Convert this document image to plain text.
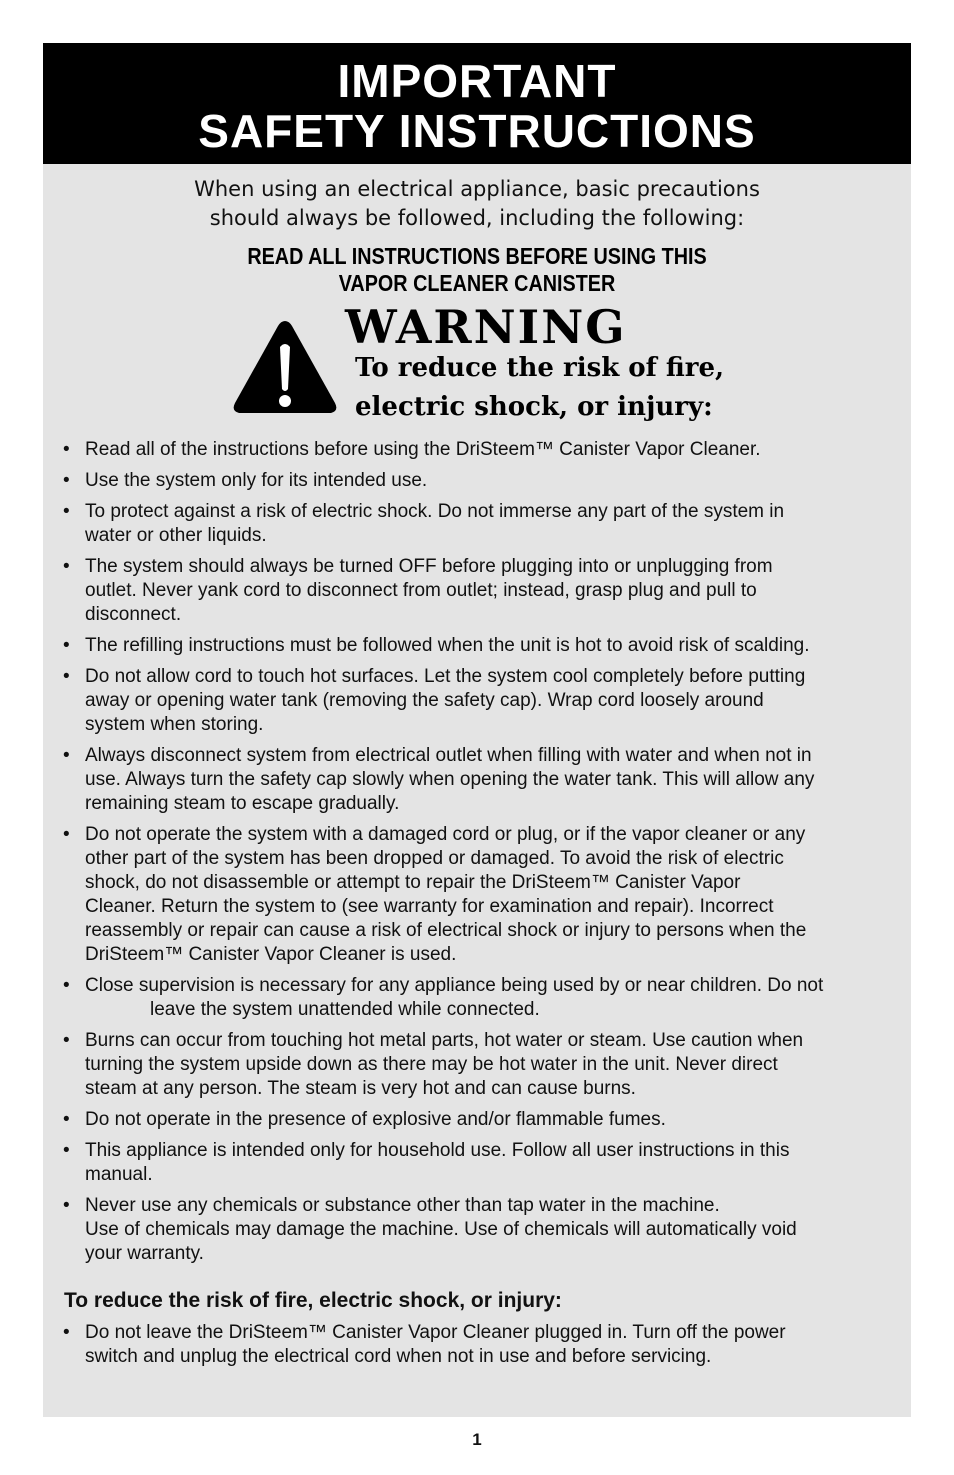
IMPORTANT
SAFETY INSTRUCTIONS
When using an electrical appliance, basic precautions
should always be followed, including the following:
READ ALL INSTRUCTIONS BEFORE USING THIS
VAPOR CLEANER CANISTER
WARNING
To reduce the risk of fire,
electric shock, or injury:
• Read all of the instructions before using the DriSteem™ Canister Vapor Cleaner.
• Use the system only for its intended use.
• To protect against a risk of electric shock. Do not immerse any part of the system in
water or other liquids.
• The system should always be turned OFF before plugging into or unplugging from
outlet. Never yank cord to disconnect from outlet; instead, grasp plug and pull to
disconnect.
• The refilling instructions must be followed when the unit is hot to avoid risk of scalding.
• Do not allow cord to touch hot surfaces. Let the system cool completely before putting
away or opening water tank (removing the safety cap). Wrap cord loosely around
system when storing.
• Always disconnect system from electrical outlet when filling with water and when not in
use. Always turn the safety cap slowly when opening the water tank. This will allow any
remaining steam to escape gradually.
• Do not operate the system with a damaged cord or plug, or if the vapor cleaner or any
other part of the system has been dropped or damaged. To avoid the risk of electric
shock, do not disassemble or attempt to repair the DriSteem™ Canister Vapor
Cleaner. Return the system to (see warranty for examination and repair). Incorrect
reassembly or repair can cause a risk of electrical shock or injury to persons when the
DriSteem™ Canister Vapor Cleaner is used.
• Close supervision is necessary for any appliance being used by or near children. Do not
leave the system unattended while connected.
• Burns can occur from touching hot metal parts, hot water or steam. Use caution when
turning the system upside down as there may be hot water in the unit. Never direct
steam at any person. The steam is very hot and can cause burns.
• Do not operate in the presence of explosive and/or flammable fumes.
• This appliance is intended only for household use. Follow all user instructions in this
manual.
• Never use any chemicals or substance other than tap water in the machine.
Use of chemicals may damage the machine. Use of chemicals will automatically void
your warranty.
To reduce the risk of fire, electric shock, or injury:
• Do not leave the DriSteem™ Canister Vapor Cleaner plugged in. Turn off the power
switch and unplug the electrical cord when not in use and before servicing.
1
